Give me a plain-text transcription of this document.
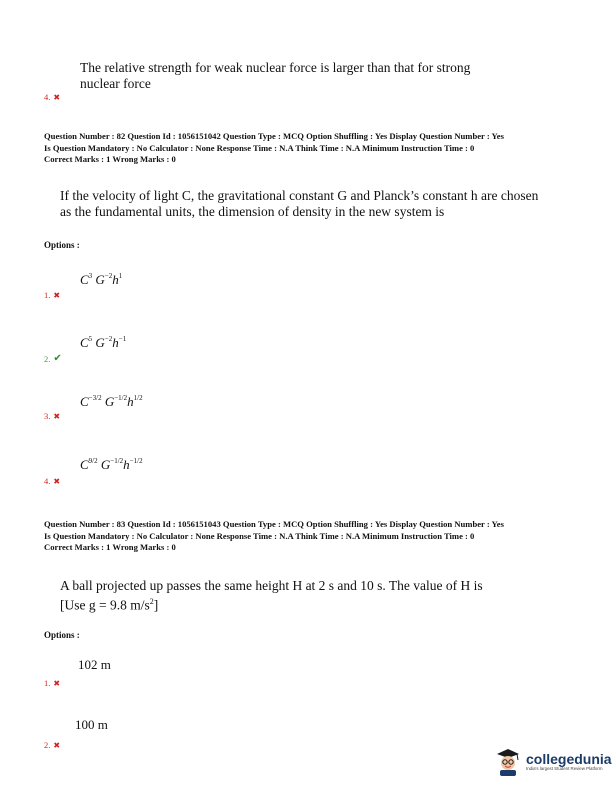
The relative strength for weak nuclear force is larger than that for strong
nuclear force
4. ✖
Question Number : 82 Question Id : 1056151042 Question Type : MCQ Option Shuffling : Yes Display Question Number : Yes
Is Question Mandatory : No Calculator : None Response Time : N.A Think Time : N.A Minimum Instruction Time : 0
Correct Marks : 1 Wrong Marks : 0
If the velocity of light C, the gravitational constant G and Planck’s constant h are chosen
as the fundamental units, the dimension of density in the new system is
Options :
$C^3$ $G^{-2}h^1$
1. ✖
$C^5$ $G^{-2}h^{-1}$
2. ✔
$C^{-3/2}$ $G^{-1/2}h^{1/2}$
3. ✖
$C^{9/2}$ $G^{-1/2}h^{-1/2}$
4. ✖
Question Number : 83 Question Id : 1056151043 Question Type : MCQ Option Shuffling : Yes Display Question Number : Yes
Is Question Mandatory : No Calculator : None Response Time : N.A Think Time : N.A Minimum Instruction Time : 0
Correct Marks : 1 Wrong Marks : 0
A ball projected up passes the same height H at 2 s and 10 s. The value of H is
[Use g = 9.8 $m/s^2$]
Options :
102 m
1. ✖
100 m
2. ✖
collegedunia
India's largest Student Review Platform
